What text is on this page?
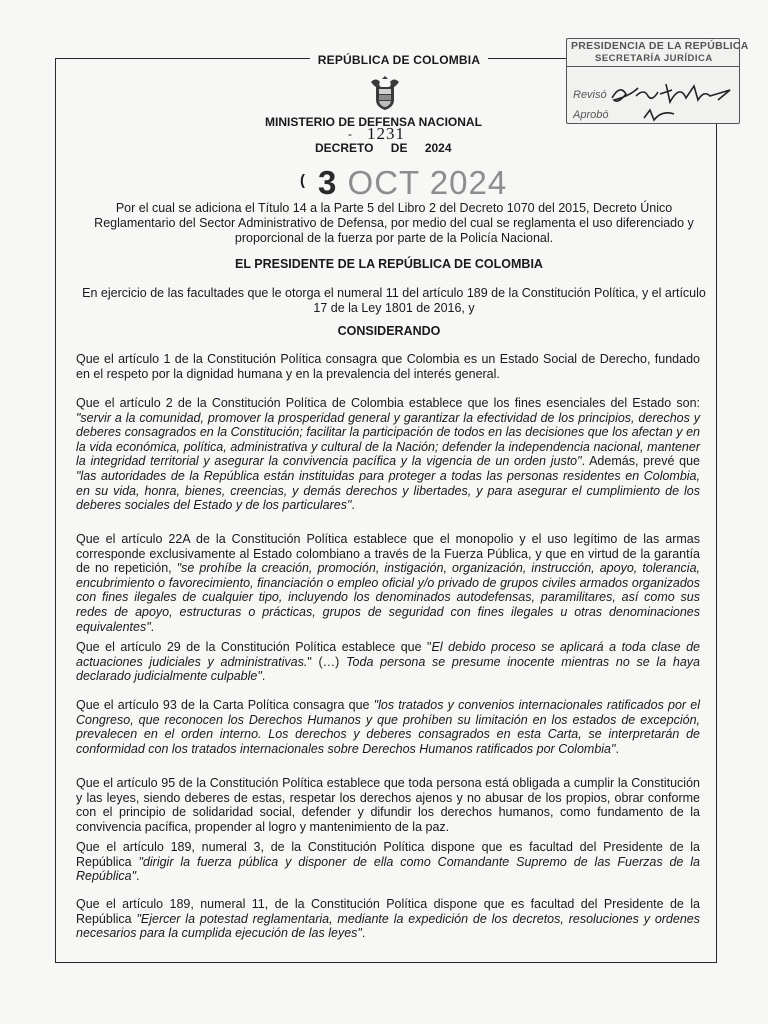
REPÚBLICA DE COLOMBIA
MINISTERIO DE DEFENSA NACIONAL
- 1231
DECRETO DE 2024
( 3 OCT 2024
PRESIDENCIA DE LA REPÚBLICA
SECRETARÍA JURÍDICA
Revisó
Aprobó
Por el cual se adiciona el Título 14 a la Parte 5 del Libro 2 del Decreto 1070 del 2015, Decreto Único Reglamentario del Sector Administrativo de Defensa, por medio del cual se reglamenta el uso diferenciado y proporcional de la fuerza por parte de la Policía Nacional.
EL PRESIDENTE DE LA REPÚBLICA DE COLOMBIA
En ejercicio de las facultades que le otorga el numeral 11 del artículo 189 de la Constitución Política, y el artículo 17 de la Ley 1801 de 2016, y
CONSIDERANDO
Que el artículo 1 de la Constitución Política consagra que Colombia es un Estado Social de Derecho, fundado en el respeto por la dignidad humana y en la prevalencia del interés general.
Que el artículo 2 de la Constitución Política de Colombia establece que los fines esenciales del Estado son: "servir a la comunidad, promover la prosperidad general y garantizar la efectividad de los principios, derechos y deberes consagrados en la Constitución; facilitar la participación de todos en las decisiones que los afectan y en la vida económica, política, administrativa y cultural de la Nación; defender la independencia nacional, mantener la integridad territorial y asegurar la convivencia pacífica y la vigencia de un orden justo". Además, prevé que "las autoridades de la República están instituidas para proteger a todas las personas residentes en Colombia, en su vida, honra, bienes, creencias, y demás derechos y libertades, y para asegurar el cumplimiento de los deberes sociales del Estado y de los particulares".
Que el artículo 22A de la Constitución Política establece que el monopolio y el uso legítimo de las armas corresponde exclusivamente al Estado colombiano a través de la Fuerza Pública, y que en virtud de la garantía de no repetición, "se prohíbe la creación, promoción, instigación, organización, instrucción, apoyo, tolerancia, encubrimiento o favorecimiento, financiación o empleo oficial y/o privado de grupos civiles armados organizados con fines ilegales de cualquier tipo, incluyendo los denominados autodefensas, paramilitares, así como sus redes de apoyo, estructuras o prácticas, grupos de seguridad con fines ilegales u otras denominaciones equivalentes".
Que el artículo 29 de la Constitución Política establece que "El debido proceso se aplicará a toda clase de actuaciones judiciales y administrativas." (…) Toda persona se presume inocente mientras no se la haya declarado judicialmente culpable".
Que el artículo 93 de la Carta Política consagra que "los tratados y convenios internacionales ratificados por el Congreso, que reconocen los Derechos Humanos y que prohíben su limitación en los estados de excepción, prevalecen en el orden interno. Los derechos y deberes consagrados en esta Carta, se interpretarán de conformidad con los tratados internacionales sobre Derechos Humanos ratificados por Colombia".
Que el artículo 95 de la Constitución Política establece que toda persona está obligada a cumplir la Constitución y las leyes, siendo deberes de estas, respetar los derechos ajenos y no abusar de los propios, obrar conforme con el principio de solidaridad social, defender y difundir los derechos humanos, como fundamento de la convivencia pacífica, propender al logro y mantenimiento de la paz.
Que el artículo 189, numeral 3, de la Constitución Política dispone que es facultad del Presidente de la República "dirigir la fuerza pública y disponer de ella como Comandante Supremo de las Fuerzas de la República".
Que el artículo 189, numeral 11, de la Constitución Política dispone que es facultad del Presidente de la República "Ejercer la potestad reglamentaria, mediante la expedición de los decretos, resoluciones y ordenes necesarios para la cumplida ejecución de las leyes".
